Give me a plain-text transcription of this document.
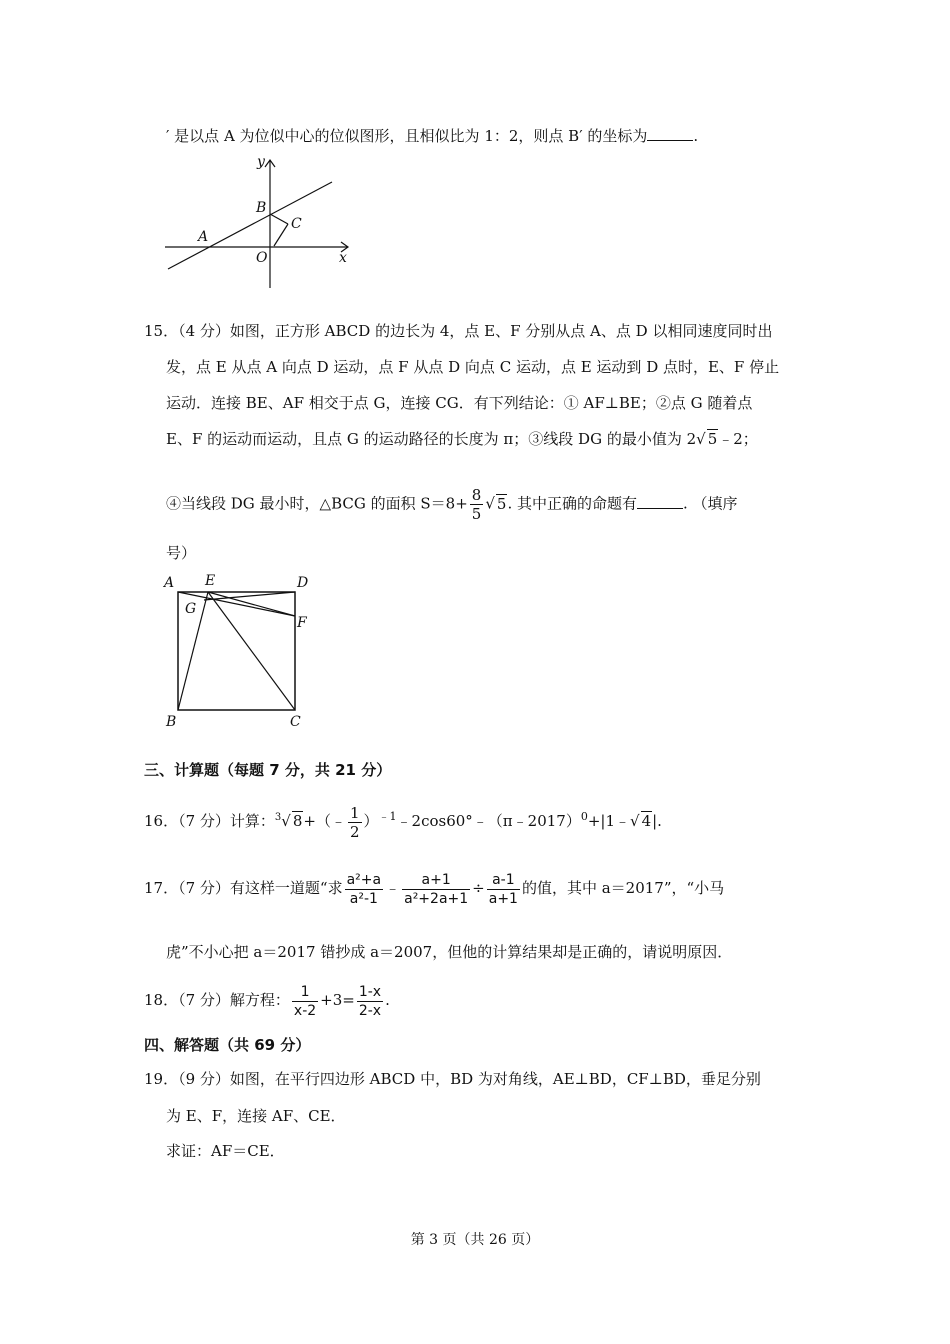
′ 是以点 A 为位似中心的位似图形，且相似比为 1：2，则点 B′ 的坐标为	.
y
x
A
B
C
O
15．（4 分）如图，正方形 ABCD 的边长为 4，点 E、F 分别从点 A、点 D 以相同速度同时出
发，点 E 从点 A 向点 D 运动，点 F 从点 D 向点 C 运动，点 E 运动到 D 点时，E、F 停止
运动．连接 BE、AF 相交于点 G，连接 CG．有下列结论：① AF⊥BE；②点 G 随着点
E、F 的运动而运动，且点 G 的运动路径的长度为 π；③线段 DG 的最小值为 2√ 5﹣2；
④当线段 DG 最小时，△BCG 的面积 $S=8+ \frac{8}{5}$ √ 5. 其中正确的命题有	. （填序
号）
A E	D
G
F
B	C
三、计算题（每题 7 分，共 21 分）
16．（7 分）计算：$^3$√ 8+（﹣ $\frac{1}{2}$ ）$^{﹣1}$﹣2cos60°﹣（π﹣2017）$^0$+|1﹣√ 4|.
17．（7 分）有这样一道题“求 $\frac{\text{a²+a}}{\text{a²-1}}$ ﹣ $\frac{a+1}{\text{a²+2a+1}} \div \frac{a-1}{a+1}$ 的值，其中 a＝2017”，“小马
虎”不小心把 a＝2017 错抄成 a＝2007，但他的计算结果却是正确的，请说明原因．
18．（7 分）解方程： $\frac{1}{x-2} +3= \frac{1-x}{2-x}$ .
四、解答题（共 69 分）
19．（9 分）如图，在平行四边形 ABCD 中，BD 为对角线，AE⊥BD，CF⊥BD，垂足分别
为 E、F，连接 AF、CE．
求证：AF＝CE．
第 3 页（共 26 页）
